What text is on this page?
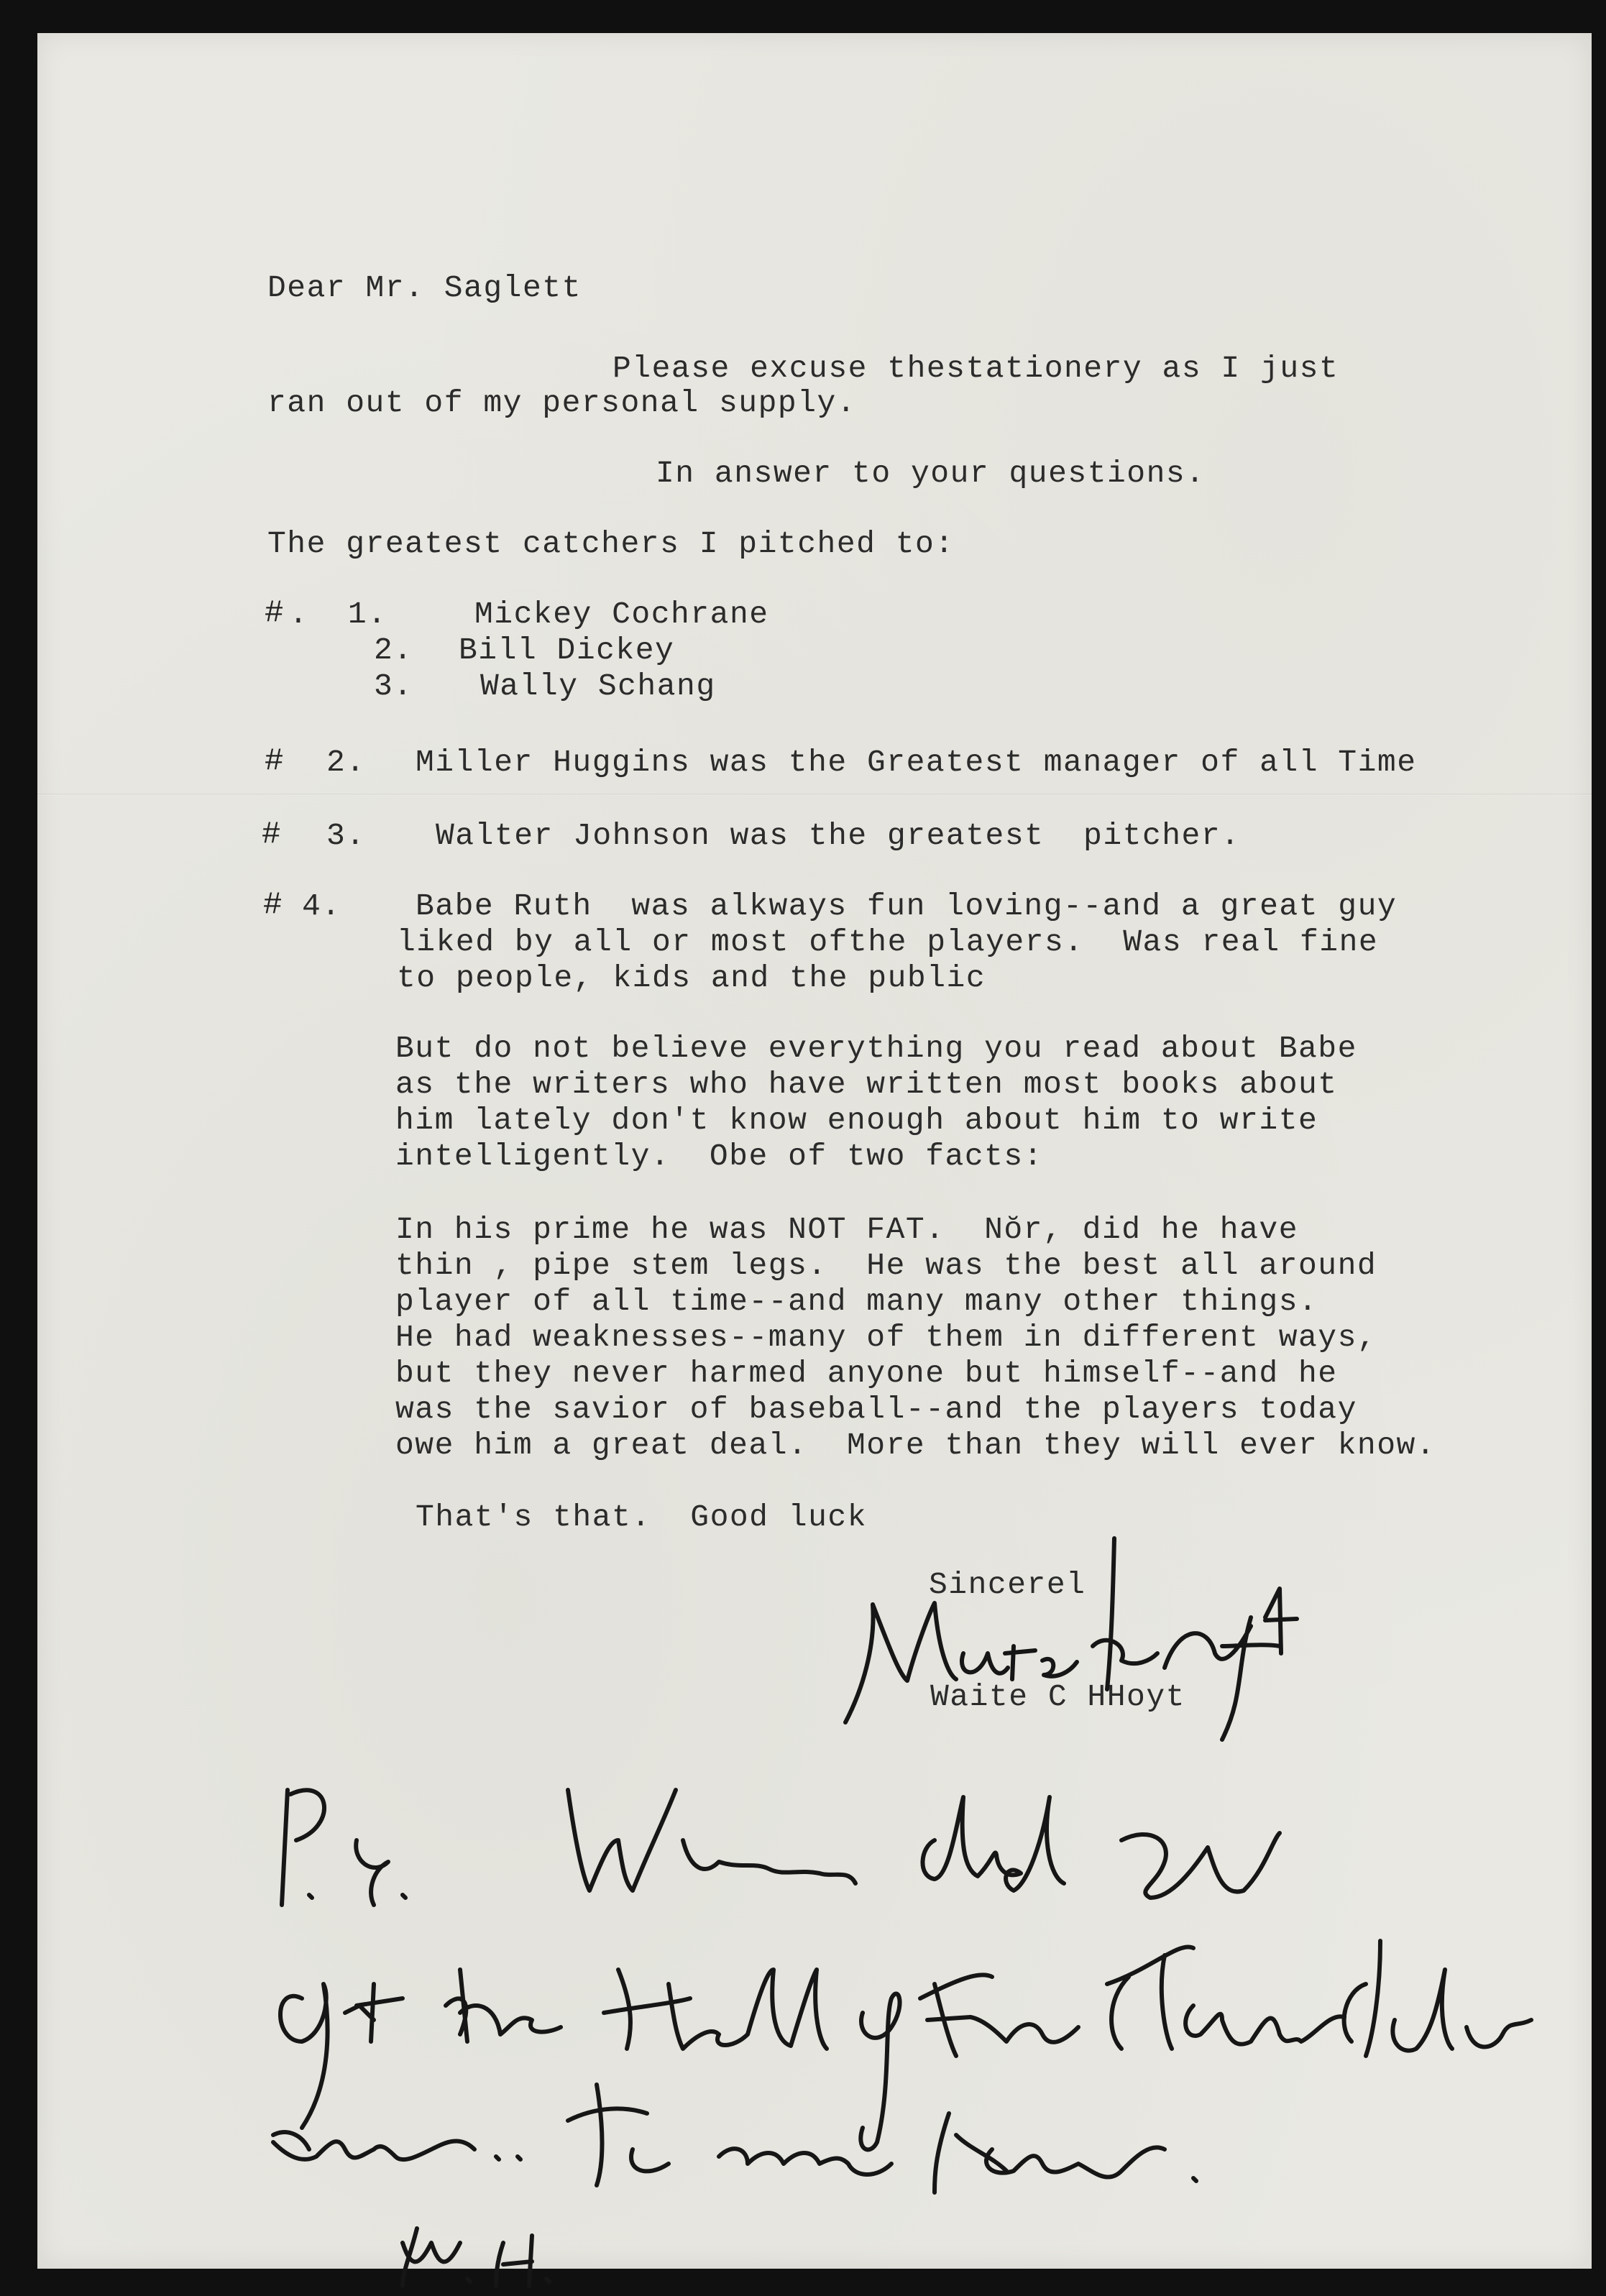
Dear Mr. Saglett
Please excuse thestationery as I just
ran out of my personal supply.
In answer to your questions.
The greatest catchers I pitched to:
# .  1.	Mickey Cochrane
2. Bill Dickey
3. Wally Schang
# 2. Miller Huggins was the Greatest manager of all Time
# 3. Walter Johnson was the greatest  pitcher.
# 4. Babe Ruth  was alkways fun loving--and a great guy
liked by all or most ofthe players.  Was real fine
to people, kids and the public
But do not believe everything you read about Babe
as the writers who have written most books about
him lately don't know enough about him to write
intelligently.  Obe of two facts:
In his prime he was NOT FAT.  Nŏr, did he have
thin , pipe stem legs.  He was the best all around
player of all time--and many many other things.
He had weaknesses--many of them in different ways,
but they never harmed anyone but himself--and he
was the savior of baseball--and the players today
owe him a great deal.  More than they will ever know.
That's that.  Good luck
Sincerel
Waite C HHoyt
